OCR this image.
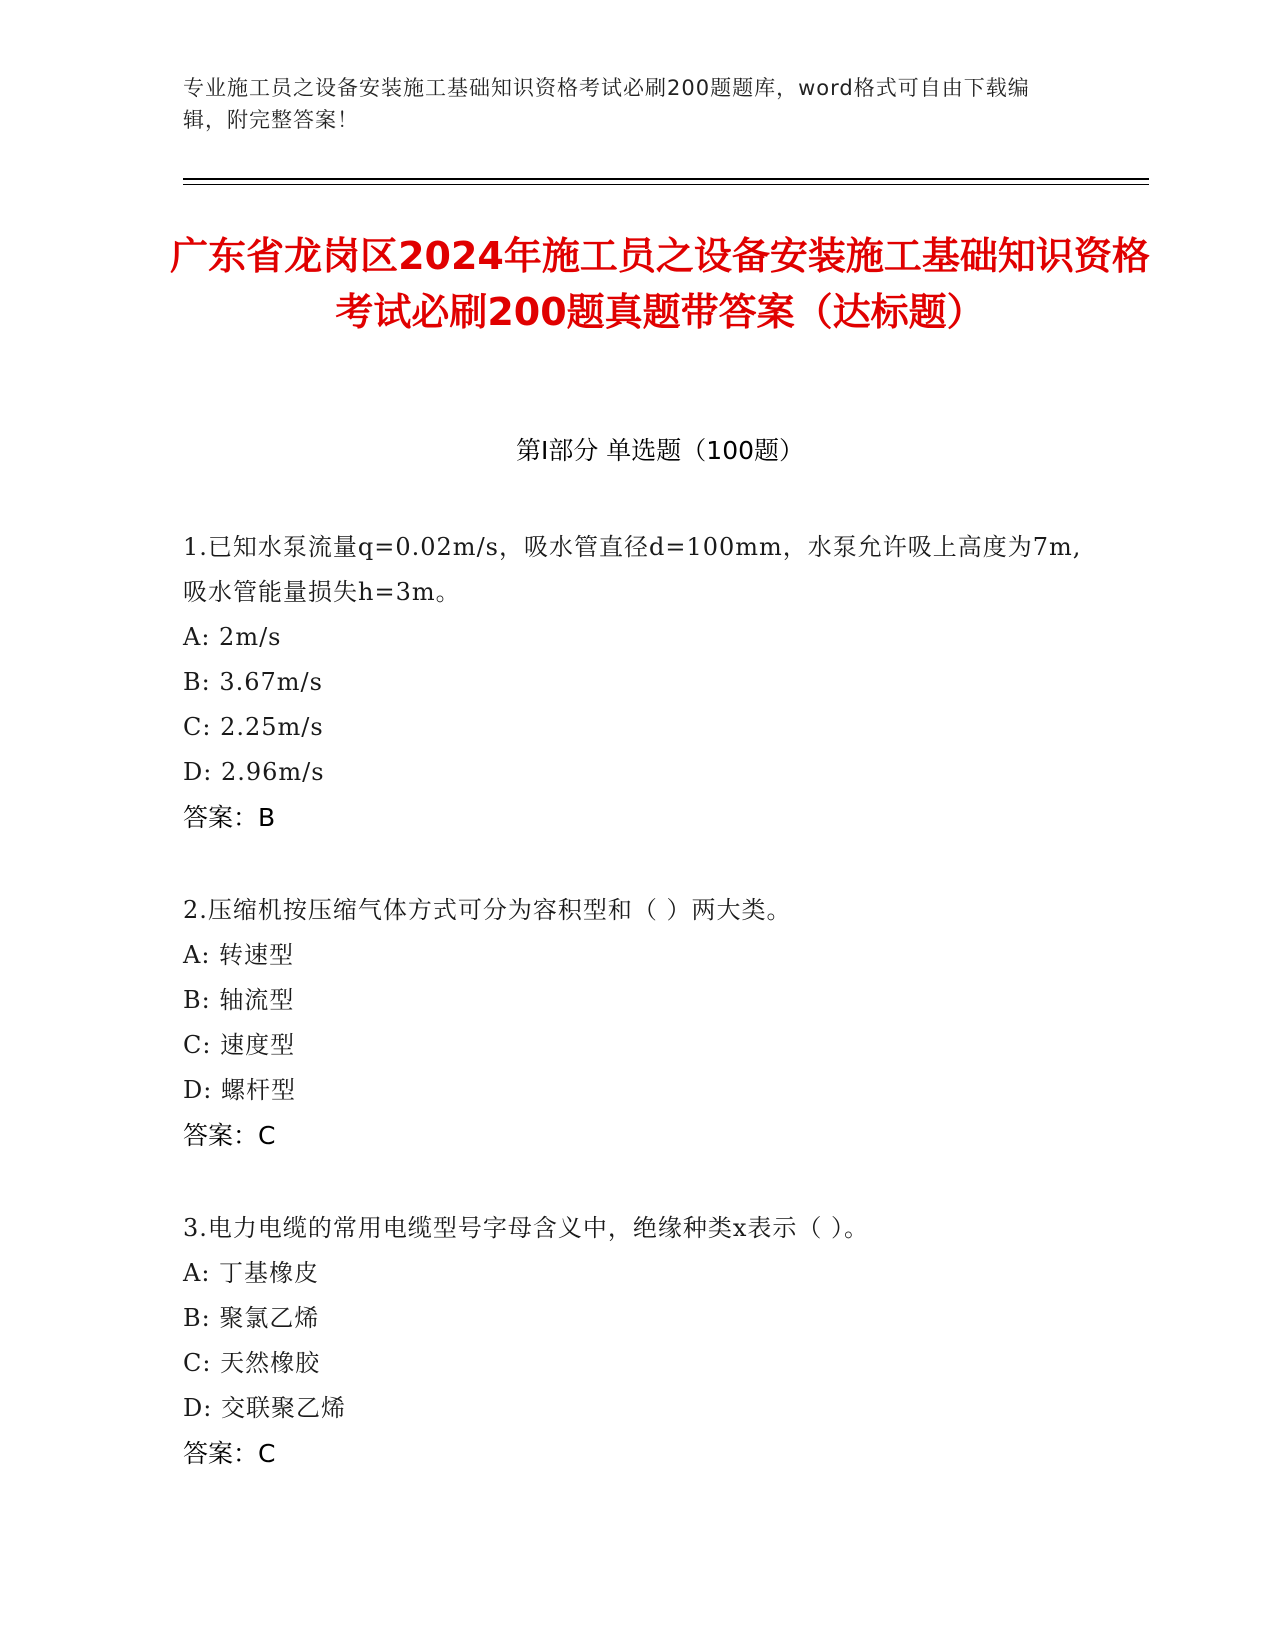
专业施工员之设备安装施工基础知识资格考试必刷200题题库，word格式可自由下载编辑，附完整答案！
广东省龙岗区2024年施工员之设备安装施工基础知识资格考试必刷200题真题带答案（达标题）
第Ⅰ部分 单选题（100题）
1.已知水泵流量q=0.02m/s，吸水管直径d=100mm，水泵允许吸上高度为7m,吸水管能量损失h=3m。
A: 2m/s
B: 3.67m/s
C: 2.25m/s
D: 2.96m/s
答案：B
2.压缩机按压缩气体方式可分为容积型和（ ）两大类。
A: 转速型
B: 轴流型
C: 速度型
D: 螺杆型
答案：C
3.电力电缆的常用电缆型号字母含义中，绝缘种类x表示（ ）。
A: 丁基橡皮
B: 聚氯乙烯
C: 天然橡胶
D: 交联聚乙烯
答案：C
